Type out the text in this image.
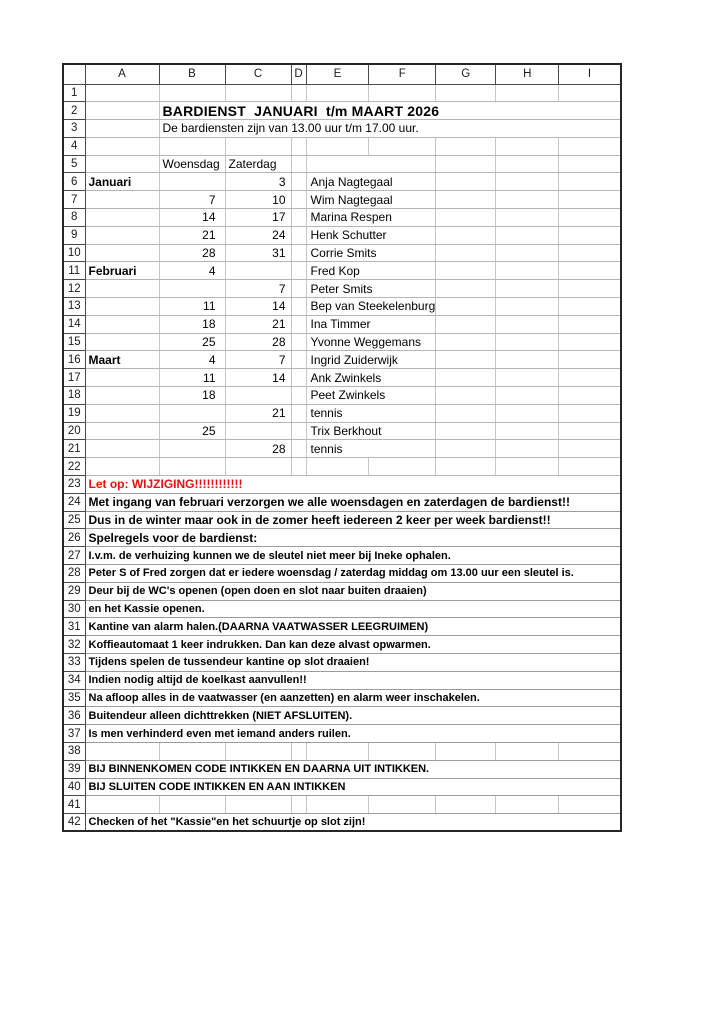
	A	B	C	D	E	F	G	H	I
1									
2		BARDIENST  JANUARI  t/m MAART 2026							
3		De bardiensten zijn van 13.00 uur t/m 17.00 uur.							
4									
5		Woensdag	Zaterdag						
6	Januari		3		Anja Nagtegaal				
7		7	10		Wim Nagtegaal				
8		14	17		Marina Respen				
9		21	24		Henk Schutter				
10		28	31		Corrie Smits				
11	Februari	4			Fred Kop				
12			7		Peter Smits				
13		11	14		Bep van Steekelenburg				
14		18	21		Ina Timmer				
15		25	28		Yvonne Weggemans				
16	Maart	4	7		Ingrid Zuiderwijk				
17		11	14		Ank Zwinkels				
18		18			Peet Zwinkels				
19			21		tennis				
20		25			Trix Berkhout				
21			28		tennis				
22									
23	Let op: WIJZIGING!!!!!!!!!!!!								
24	Met ingang van februari verzorgen we alle woensdagen en zaterdagen de bardienst!!								
25	Dus in de winter maar ook in de zomer heeft iedereen 2 keer per week bardienst!!								
26	Spelregels voor de bardienst:								
27	I.v.m. de verhuizing kunnen we de sleutel niet meer bij Ineke ophalen.								
28	Peter S of Fred zorgen dat er iedere woensdag / zaterdag middag om 13.00 uur een sleutel is.								
29	Deur bij de WC's openen (open doen en slot naar buiten draaien)								
30	en het Kassie openen.								
31	Kantine van alarm halen.(DAARNA VAATWASSER LEEGRUIMEN)								
32	Koffieautomaat 1 keer indrukken. Dan kan deze alvast opwarmen.								
33	Tijdens spelen de tussendeur kantine op slot draaien!								
34	Indien nodig altijd de koelkast aanvullen!!								
35	Na afloop alles in de vaatwasser (en aanzetten) en alarm weer inschakelen.								
36	Buitendeur alleen dichttrekken (NIET AFSLUITEN).								
37	Is men verhinderd even met iemand anders ruilen.								
38									
39	BIJ BINNENKOMEN CODE INTIKKEN EN DAARNA UIT INTIKKEN.								
40	BIJ SLUITEN CODE INTIKKEN EN AAN INTIKKEN								
41									
42	Checken of het "Kassie"en het schuurtje op slot zijn!								
